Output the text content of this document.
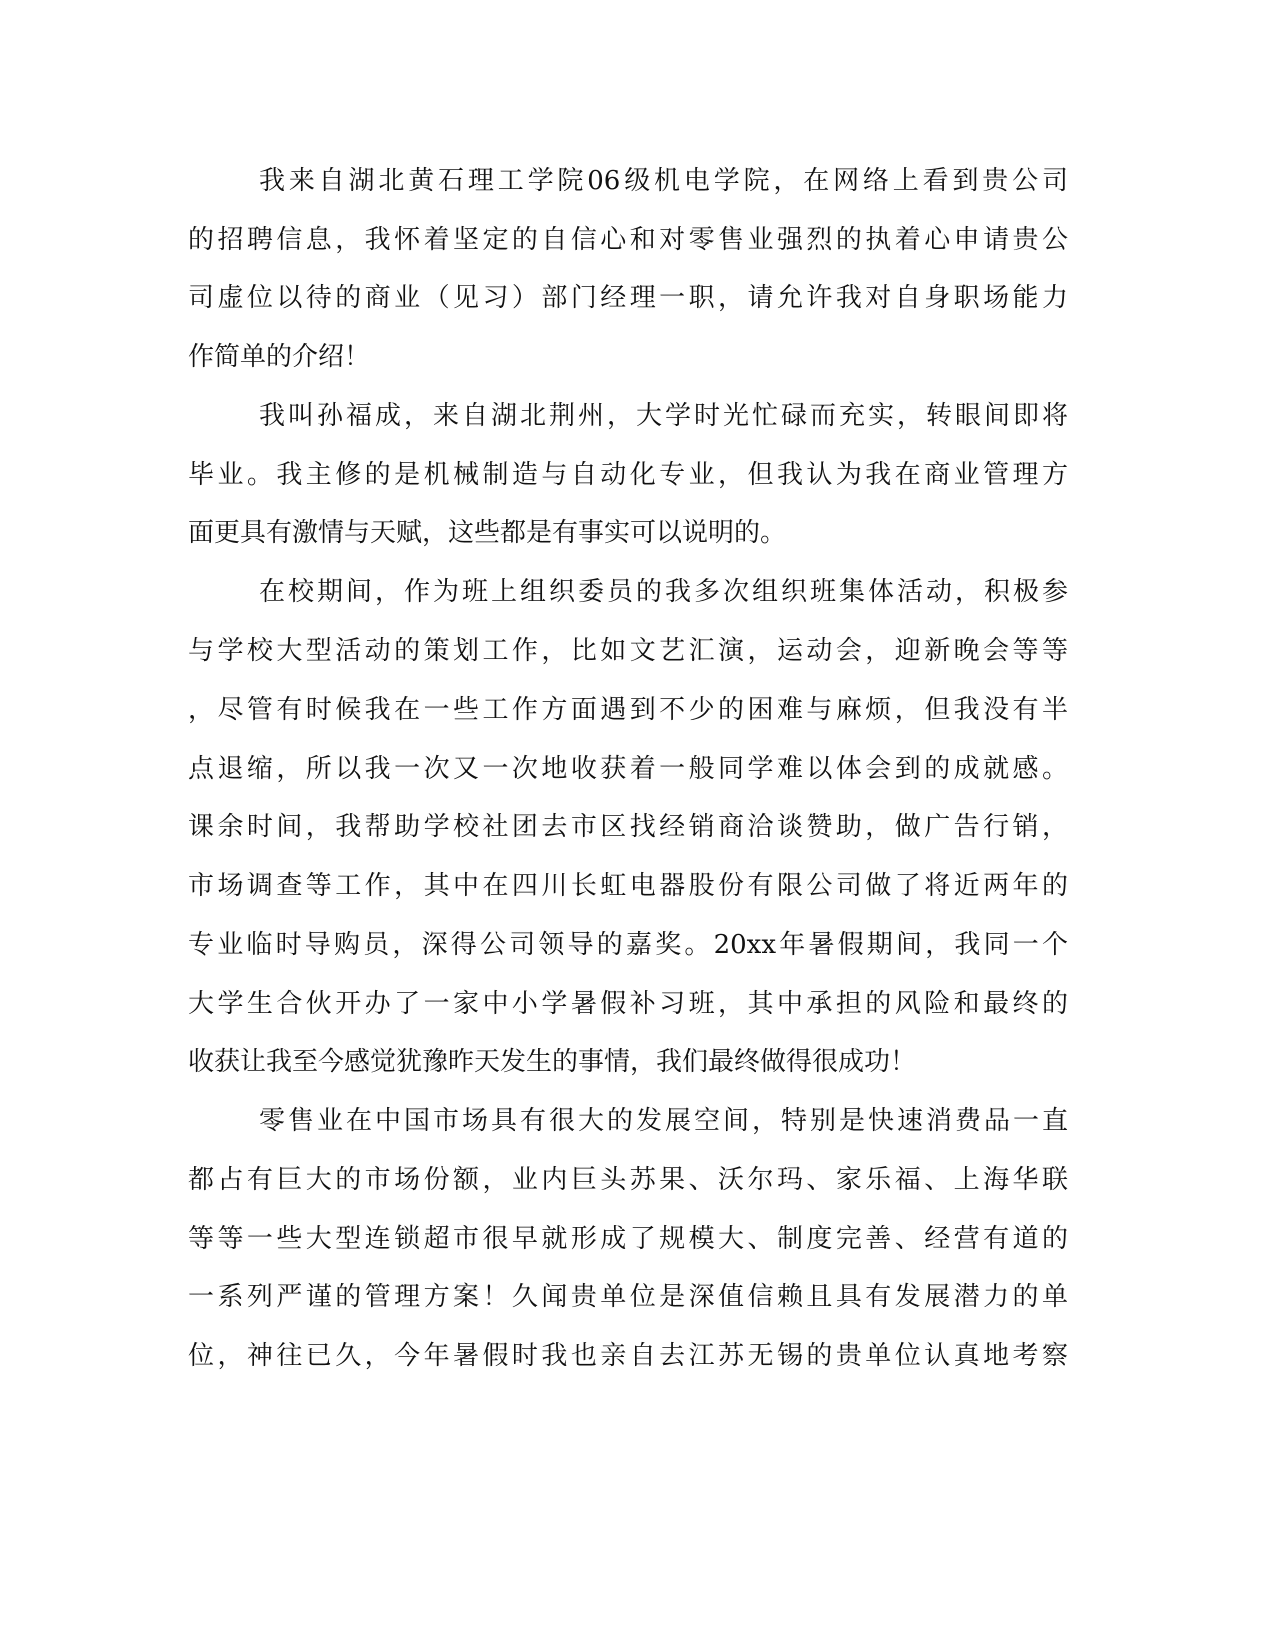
我来自湖北黄石理工学院06级机电学院，在网络上看到贵公司
的招聘信息，我怀着坚定的自信心和对零售业强烈的执着心申请贵公
司虚位以待的商业（见习）部门经理一职，请允许我对自身职场能力
作简单的介绍！
我叫孙福成，来自湖北荆州，大学时光忙碌而充实，转眼间即将
毕业。我主修的是机械制造与自动化专业，但我认为我在商业管理方
面更具有激情与天赋，这些都是有事实可以说明的。
在校期间，作为班上组织委员的我多次组织班集体活动，积极参
与学校大型活动的策划工作，比如文艺汇演，运动会，迎新晚会等等
，尽管有时候我在一些工作方面遇到不少的困难与麻烦，但我没有半
点退缩，所以我一次又一次地收获着一般同学难以体会到的成就感。
课余时间，我帮助学校社团去市区找经销商洽谈赞助，做广告行销，
市场调查等工作，其中在四川长虹电器股份有限公司做了将近两年的
专业临时导购员，深得公司领导的嘉奖。20xx年暑假期间，我同一个
大学生合伙开办了一家中小学暑假补习班，其中承担的风险和最终的
收获让我至今感觉犹豫昨天发生的事情，我们最终做得很成功！
零售业在中国市场具有很大的发展空间，特别是快速消费品一直
都占有巨大的市场份额，业内巨头苏果、沃尔玛、家乐福、上海华联
等等一些大型连锁超市很早就形成了规模大、制度完善、经营有道的
一系列严谨的管理方案！久闻贵单位是深值信赖且具有发展潜力的单
位，神往已久，今年暑假时我也亲自去江苏无锡的贵单位认真地考察
